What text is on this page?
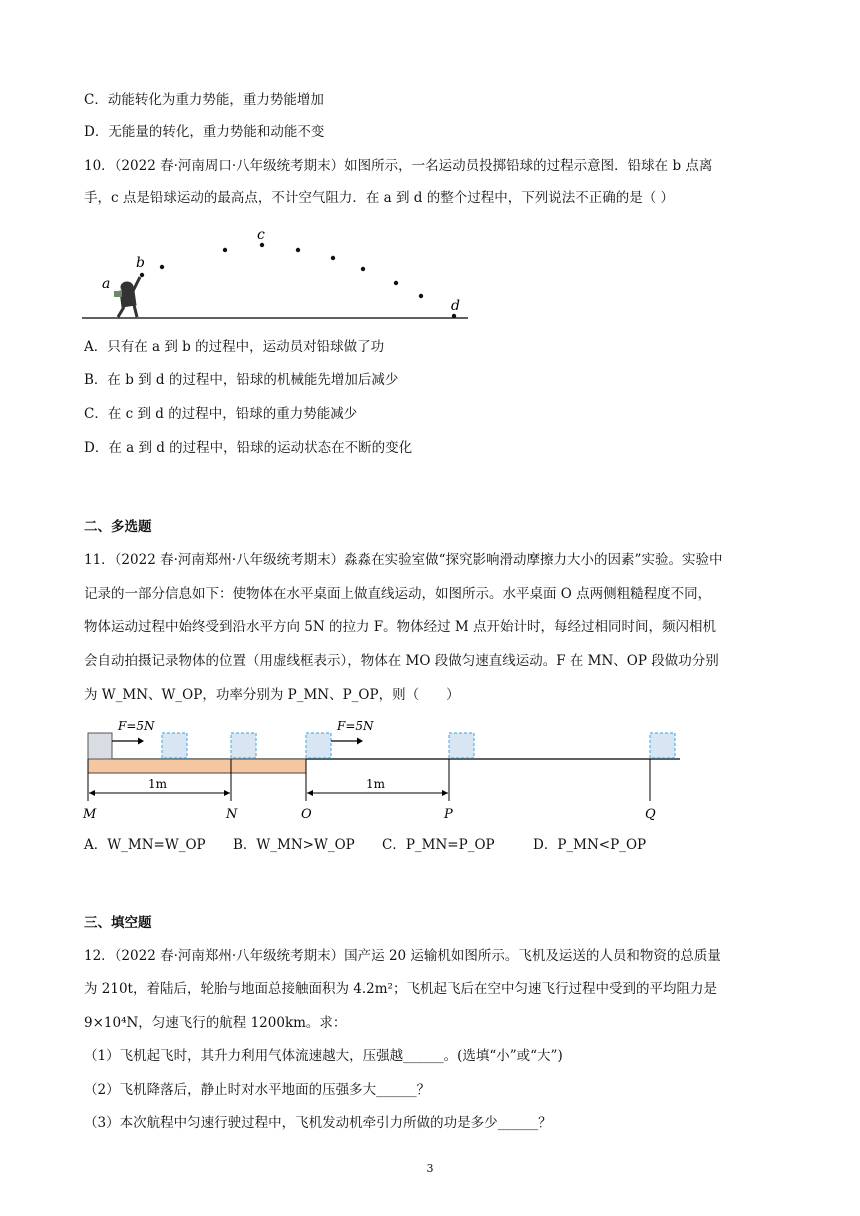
C．动能转化为重力势能，重力势能增加
D．无能量的转化，重力势能和动能不变
10．（2022 春·河南周口·八年级统考期末）如图所示，一名运动员投掷铅球的过程示意图．铅球在 b 点离
手，c 点是铅球运动的最高点，不计空气阻力．在 a 到 d 的整个过程中，下列说法不正确的是（ ）
a
b
c
d
A．只有在 a 到 b 的过程中，运动员对铅球做了功
B．在 b 到 d 的过程中，铅球的机械能先增加后减少
C．在 c 到 d 的过程中，铅球的重力势能减少
D．在 a 到 d 的过程中，铅球的运动状态在不断的变化
二、多选题
11．（2022 春·河南郑州·八年级统考期末）淼淼在实验室做“探究影响滑动摩擦力大小的因素”实验。实验中
记录的一部分信息如下：使物体在水平桌面上做直线运动，如图所示。水平桌面 O 点两侧粗糙程度不同，
物体运动过程中始终受到沿水平方向 5N 的拉力 F。物体经过 M 点开始计时，每经过相同时间，频闪相机
会自动拍摄记录物体的位置（用虚线框表示），物体在 MO 段做匀速直线运动。F 在 MN、OP 段做功分别
为 W_MN、W_OP，功率分别为 P_MN、P_OP，则（　　）
F=5N	F=5N
1m	1m
M	N	O	P	Q
A．W_MN=W_OP B．W_MN>W_OP C．P_MN=P_OP	D．P_MN<P_OP
三、填空题
12．（2022 春·河南郑州·八年级统考期末）国产运 20 运输机如图所示。飞机及运送的人员和物资的总质量
为 210t，着陆后，轮胎与地面总接触面积为 4.2m²；飞机起飞后在空中匀速飞行过程中受到的平均阻力是
9×10⁴N，匀速飞行的航程 1200km。求：
（1）飞机起飞时，其升力利用气体流速越大，压强越______。(选填“小”或“大”)
（2）飞机降落后，静止时对水平地面的压强多大______？
（3）本次航程中匀速行驶过程中，飞机发动机牵引力所做的功是多少______？
3
